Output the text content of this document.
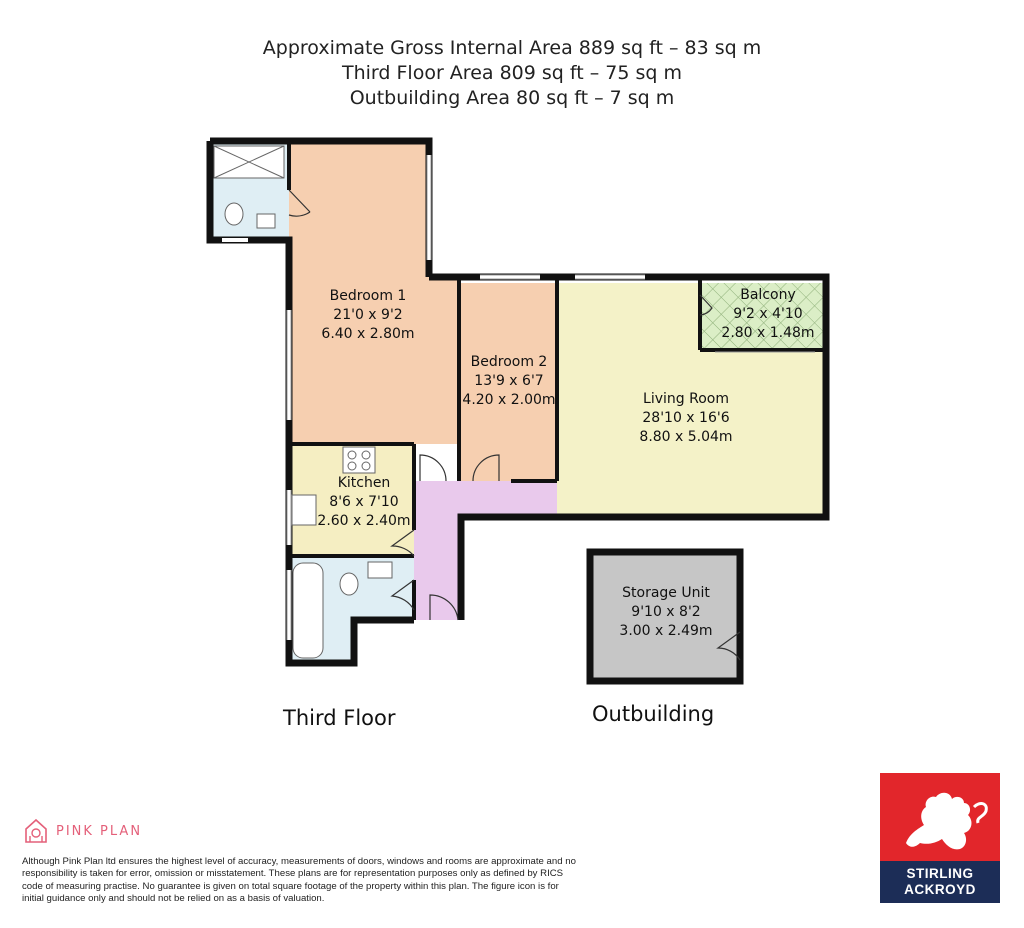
Approximate Gross Internal Area 889 sq ft – 83 sq m
Third Floor Area 809 sq ft – 75 sq m
Outbuilding Area 80 sq ft – 7 sq m
Bedroom 1
21'0 x 9'2
6.40 x 2.80m
Bedroom 2
13'9 x 6'7
4.20 x 2.00m	Living Room
28'10 x 16'6
8.80 x 5.04m
Balcony
9'2 x 4'10
2.80 x 1.48m
Kitchen
8'6 x 7'10
2.60 x 2.40m
Storage Unit
9'10 x 8'2
3.00 x 2.49m
Third Floor	Outbuilding
PINK PLAN

Although Pink Plan ltd ensures the highest level of accuracy, measurements of doors, windows and rooms are approximate and no responsibility is taken for error, omission or misstatement. These plans are for representation purposes only as defined by RICS code of measuring practise. No guarantee is given on total square footage of the property within this plan. The figure icon is for initial guidance only and should not be relied on as a basis of valuation.

STIRLING
ACKROYD
